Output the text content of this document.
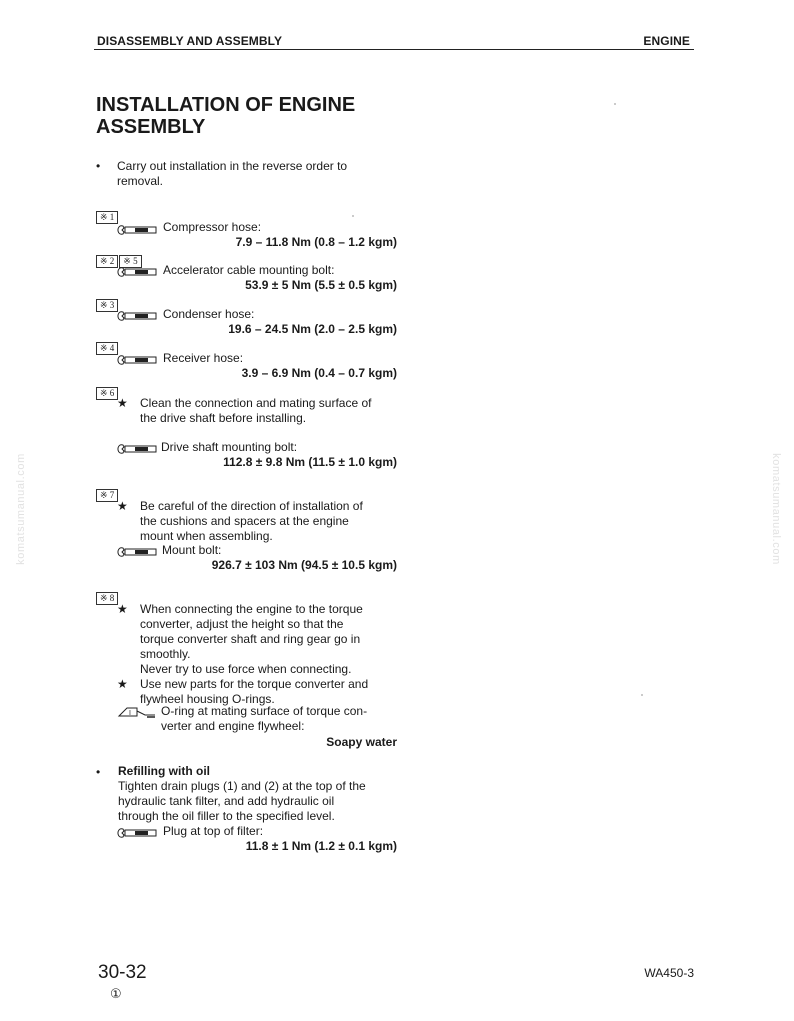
DISASSEMBLY AND ASSEMBLY	ENGINE
INSTALLATION OF ENGINE
ASSEMBLY
• Carry out installation in the reverse order to
removal.
※ 1
Compressor hose:
7.9 – 11.8 Nm (0.8 – 1.2 kgm)
※ 2 ※ 5
Accelerator cable mounting bolt:
53.9 ± 5 Nm (5.5 ± 0.5 kgm)
※ 3
Condenser hose:
19.6 – 24.5 Nm (2.0 – 2.5 kgm)
※ 4
Receiver hose:
3.9 – 6.9 Nm (0.4 – 0.7 kgm)
※ 6
★ Clean the connection and mating surface of
the drive shaft before installing.
Drive shaft mounting bolt:
112.8 ± 9.8 Nm (11.5 ± 1.0 kgm)
※ 7
★ Be careful of the direction of installation of
the cushions and spacers at the engine
mount when assembling.
Mount bolt:
926.7 ± 103 Nm (94.5 ± 10.5 kgm)
※ 8
★ When connecting the engine to the torque
converter, adjust the height so that the
torque converter shaft and ring gear go in
smoothly.
Never try to use force when connecting.
★ Use new parts for the torque converter and
flywheel housing O-rings.
I	O-ring at mating surface of torque con-
verter and engine flywheel:
Soapy water
• Refilling with oil
Tighten drain plugs (1) and (2) at the top of the
hydraulic tank filter, and add hydraulic oil
through the oil filler to the specified level.
Plug at top of filter:
11.8 ± 1 Nm (1.2 ± 0.1 kgm)
komatsumanual.com	komatsumanual.com
30-32
①
WA450-3
